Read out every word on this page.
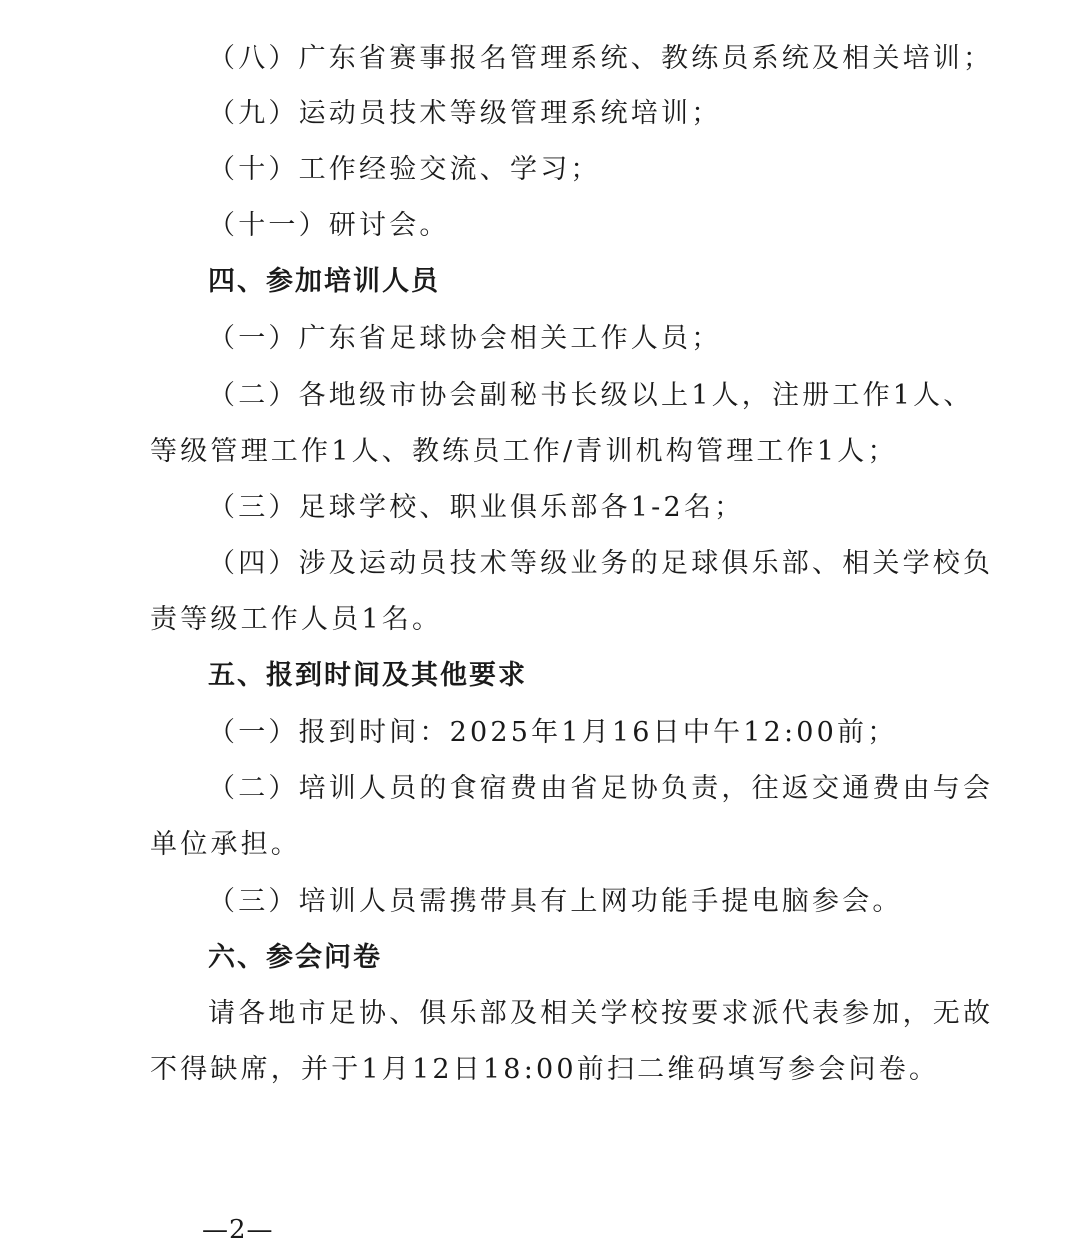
（八）广东省赛事报名管理系统、教练员系统及相关培训；
（九）运动员技术等级管理系统培训；
（十）工作经验交流、学习；
（十一）研讨会。
四、参加培训人员
（一）广东省足球协会相关工作人员；
（二）各地级市协会副秘书长级以上1人，注册工作1人、
等级管理工作1人、教练员工作/青训机构管理工作1人；
（三）足球学校、职业俱乐部各1-2名；
（四）涉及运动员技术等级业务的足球俱乐部、相关学校负
责等级工作人员1名。
五、报到时间及其他要求
（一）报到时间：2025年1月16日中午12:00前；
（二）培训人员的食宿费由省足协负责，往返交通费由与会
单位承担。
（三）培训人员需携带具有上网功能手提电脑参会。
六、参会问卷
请各地市足协、俱乐部及相关学校按要求派代表参加，无故
不得缺席，并于1月12日18:00前扫二维码填写参会问卷。
—2—
